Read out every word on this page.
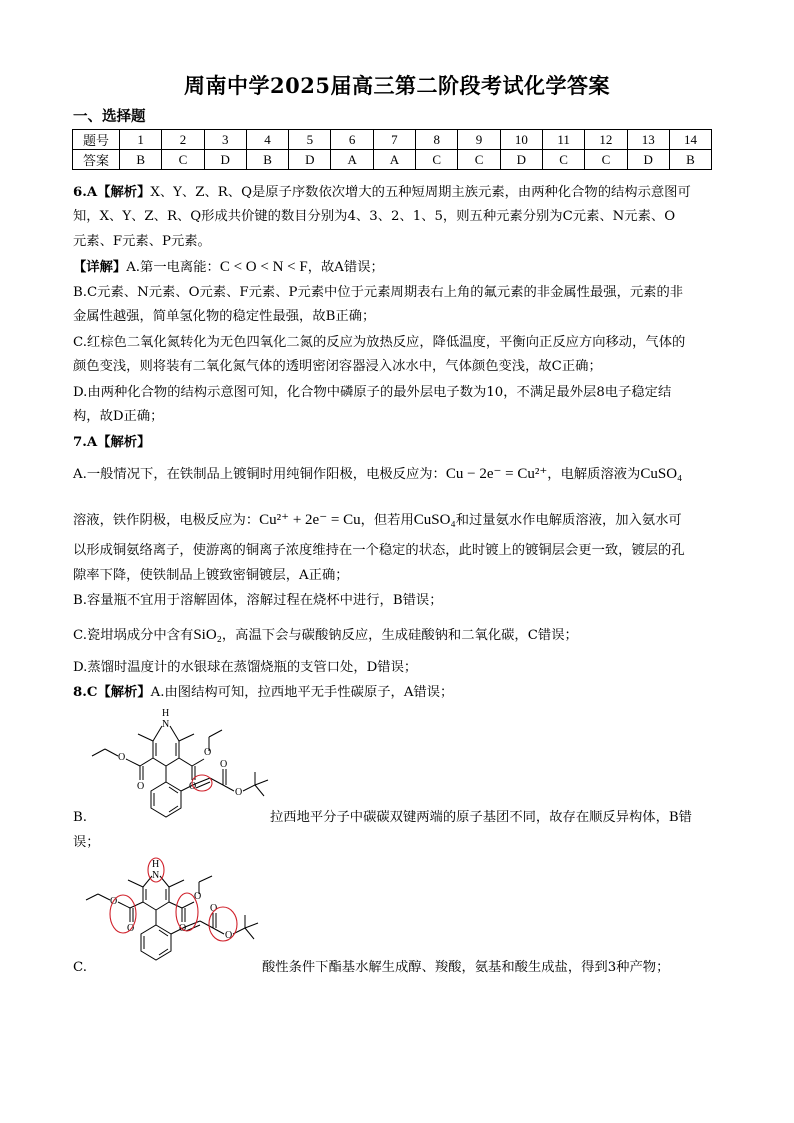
周南中学2025届高三第二阶段考试化学答案
一、选择题
题号	1	2	3	4	5	6	7	8	9	10	11	12	13	14
答案	B	C	D	B	D	A	A	C	C	D	C	C	D	B
6.A【解析】X、Y、Z、R、Q是原子序数依次增大的五种短周期主族元素，由两种化合物的结构示意图可
知，X、Y、Z、R、Q形成共价键的数目分别为4、3、2、1、5，则五种元素分别为C元素、N元素、O
元素、F元素、P元素。
【详解】A.第一电离能：C < O < N < F，故A错误；
B.C元素、N元素、O元素、F元素、P元素中位于元素周期表右上角的氟元素的非金属性最强，元素的非
金属性越强，简单氢化物的稳定性最强，故B正确；
C.红棕色二氧化氮转化为无色四氧化二氮的反应为放热反应，降低温度，平衡向正反应方向移动，气体的
颜色变浅，则将装有二氧化氮气体的透明密闭容器浸入冰水中，气体颜色变浅，故C正确；
D.由两种化合物的结构示意图可知，化合物中磷原子的最外层电子数为10，不满足最外层8电子稳定结
构，故D正确；
7.A【解析】
A.一般情况下，在铁制品上镀铜时用纯铜作阳极，电极反应为：Cu − 2e⁻ = Cu²⁺，电解质溶液为CuSO₄
溶液，铁作阴极，电极反应为：Cu²⁺ + 2e⁻ = Cu，但若用CuSO₄和过量氨水作电解质溶液，加入氨水可
以形成铜氨络离子，使游离的铜离子浓度维持在一个稳定的状态，此时镀上的镀铜层会更一致，镀层的孔
隙率下降，使铁制品上镀致密铜镀层，A正确；
B.容量瓶不宜用于溶解固体，溶解过程在烧杯中进行，B错误；
C.瓷坩埚成分中含有SiO₂，高温下会与碳酸钠反应，生成硅酸钠和二氧化碳，C错误；
D.蒸馏时温度计的水银球在蒸馏烧瓶的支管口处，D错误；
8.C【解析】A.由图结构可知，拉西地平无手性碳原子，A错误；
H
N
O
O
O
O
O
O
B.	拉西地平分子中碳碳双键两端的原子基团不同，故存在顺反异构体，B错
误；
H
N
O
O
O
O
O
O
C.	酸性条件下酯基水解生成醇、羧酸，氨基和酸生成盐，得到3种产物；
